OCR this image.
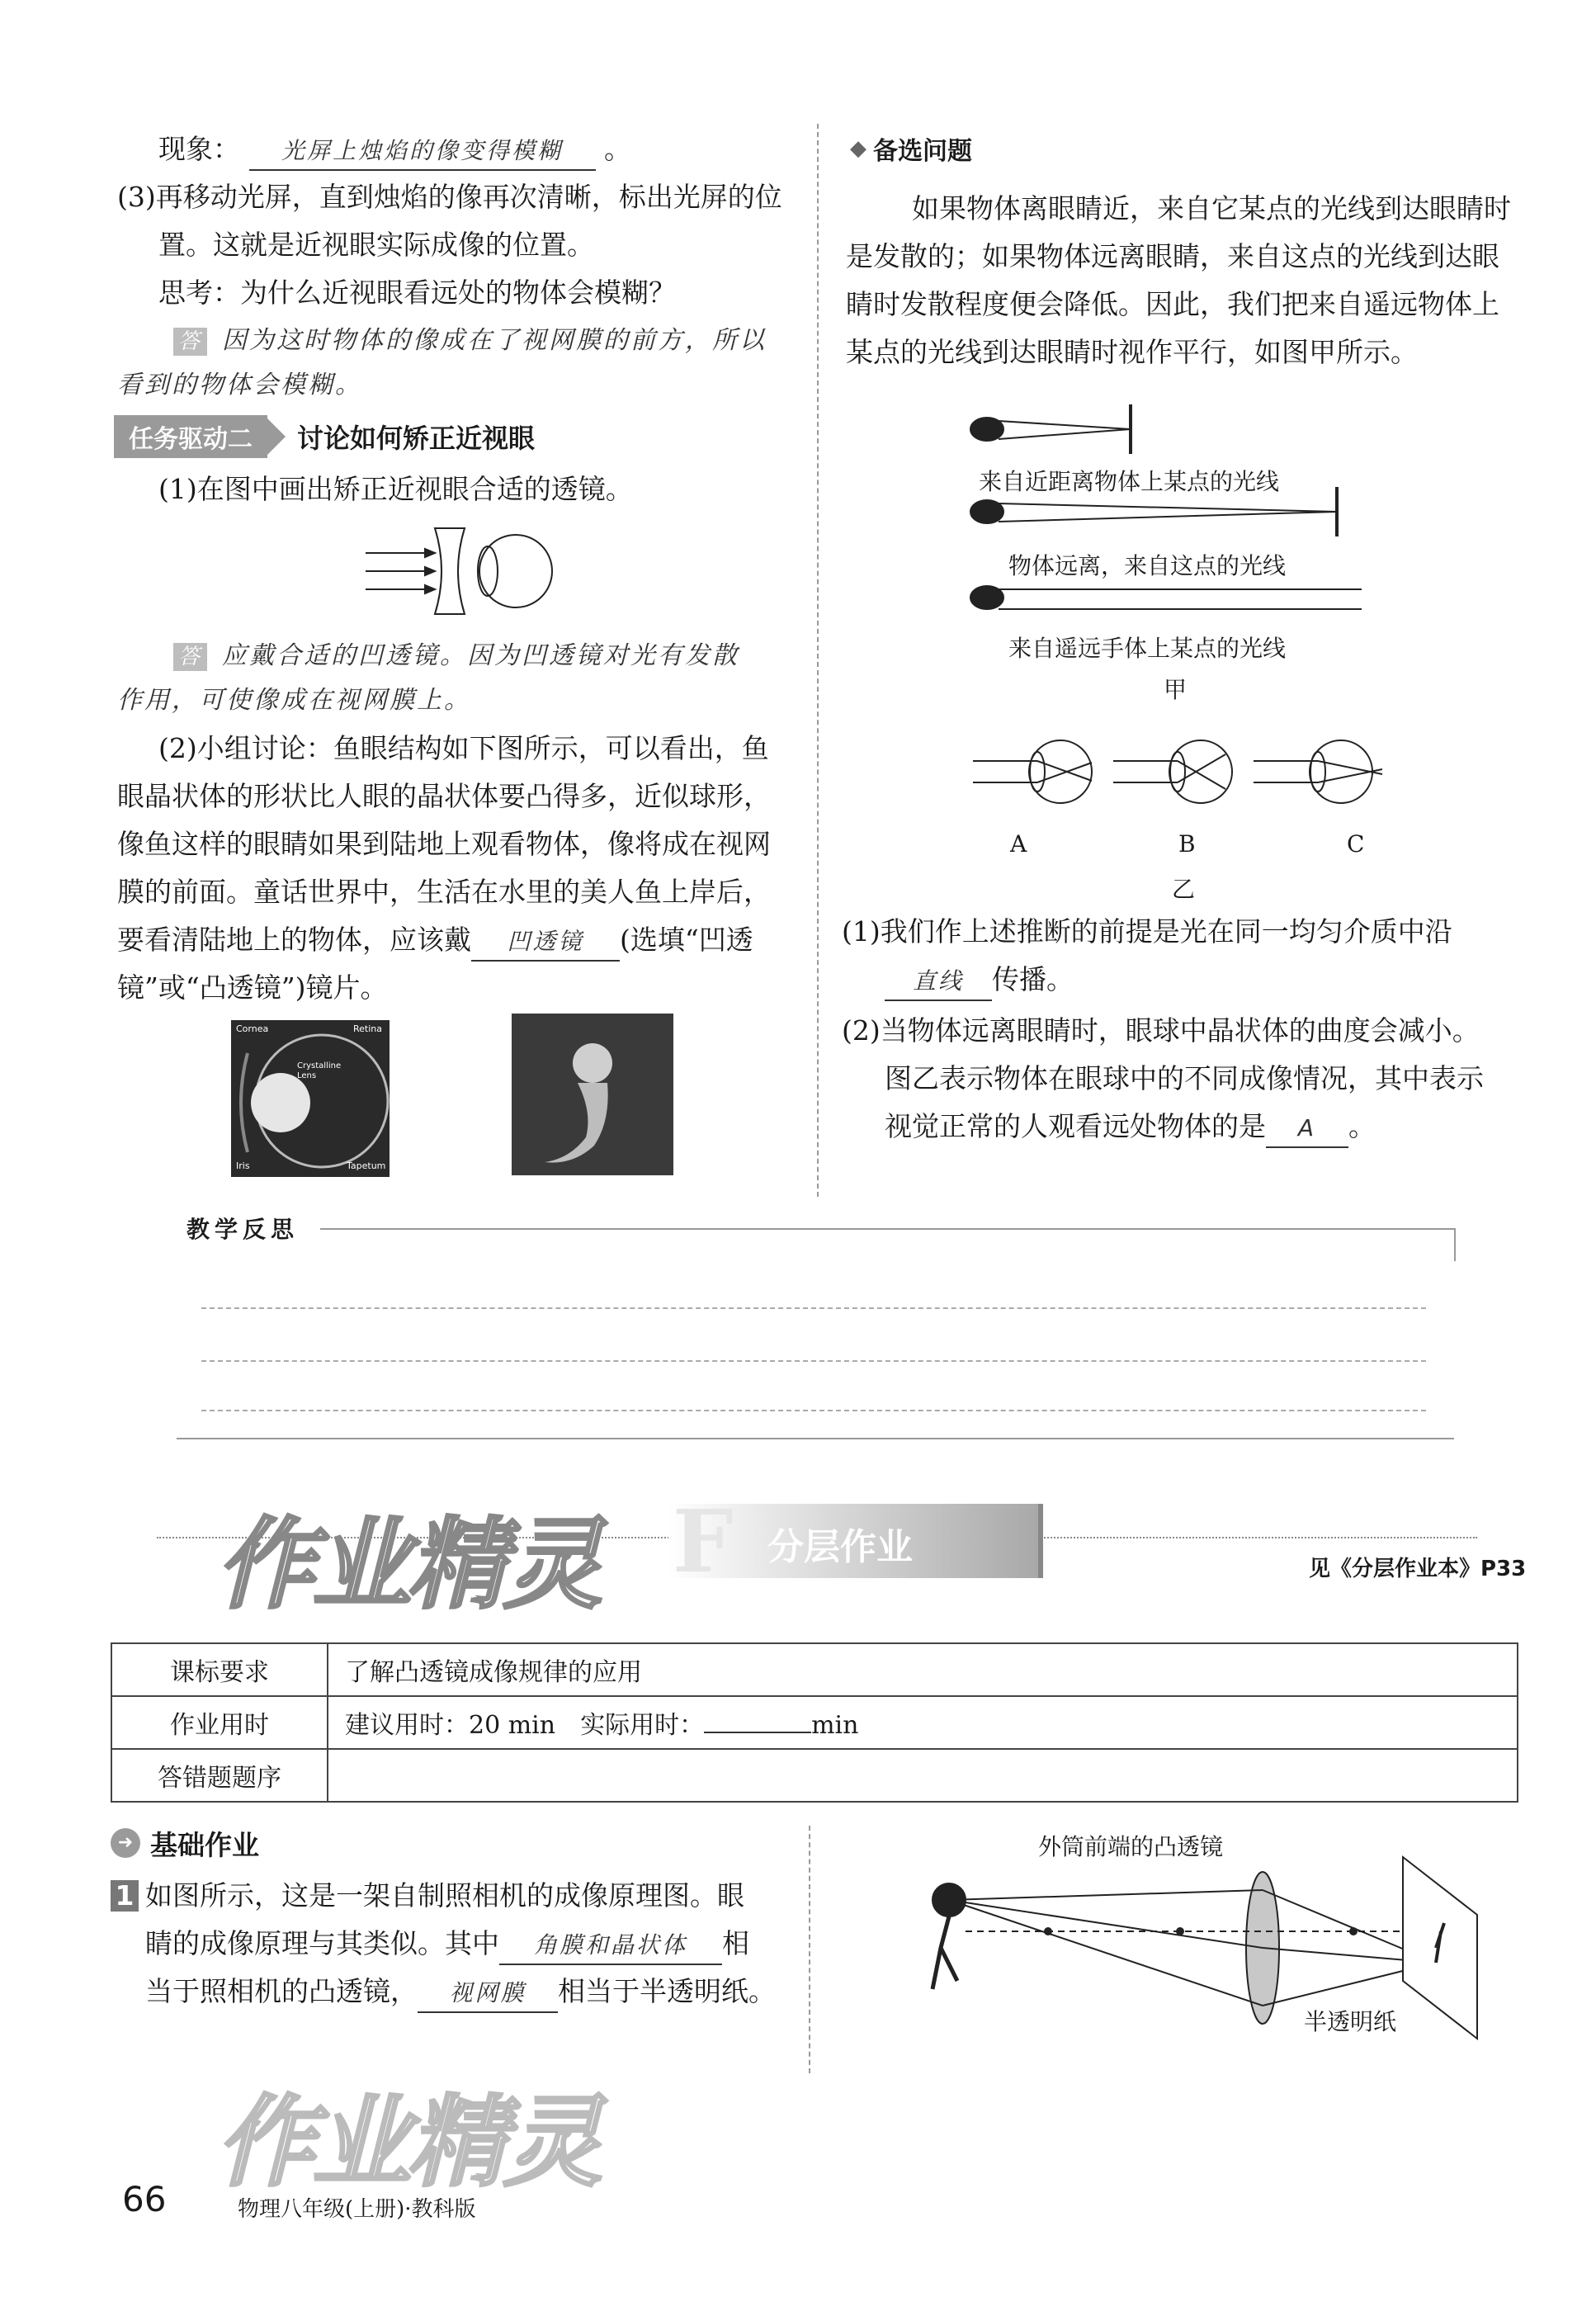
现象： 光屏上烛焰的像变得模糊 。
(3)再移动光屏，直到烛焰的像再次清晰，标出光屏的位
置。这就是近视眼实际成像的位置。
思考：为什么近视眼看远处的物体会模糊？
答 因为这时物体的像成在了视网膜的前方，所以
看到的物体会模糊。
任务驱动二	讨论如何矫正近视眼
(1)在图中画出矫正近视眼合适的透镜。
答 应戴合适的凹透镜。因为凹透镜对光有发散
作用，可使像成在视网膜上。
(2)小组讨论：鱼眼结构如下图所示，可以看出，鱼
眼晶状体的形状比人眼的晶状体要凸得多，近似球形，
像鱼这样的眼睛如果到陆地上观看物体，像将成在视网
膜的前面。童话世界中，生活在水里的美人鱼上岸后，
要看清陆地上的物体，应该戴 凹透镜 (选填“凹透
镜”或“凸透镜”)镜片。
Cornea	Retina
Crystalline Lens
Iris	Tapetum
◆ 备选问题
如果物体离眼睛近，来自它某点的光线到达眼睛时
是发散的；如果物体远离眼睛，来自这点的光线到达眼
睛时发散程度便会降低。因此，我们把来自遥远物体上
某点的光线到达眼睛时视作平行，如图甲所示。
来自近距离物体上某点的光线
物体远离，来自这点的光线
来自遥远手体上某点的光线
甲
A	B	C
乙
(1)我们作上述推断的前提是光在同一均匀介质中沿
直线 传播。
(2)当物体远离眼睛时，眼球中晶状体的曲度会减小。
图乙表示物体在眼球中的不同成像情况，其中表示
视觉正常的人观看远处物体的是 A 。
教学反思
作业精灵 F 分层作业
见《分层作业本》P33
课标要求	了解凸透镜成像规律的应用
作业用时	建议用时：20 min　实际用时： min
答错题题序	
➜ 基础作业
1 如图所示，这是一架自制照相机的成像原理图。眼
睛的成像原理与其类似。其中 角膜和晶状体 相
当于照相机的凸透镜， 视网膜 相当于半透明纸。
外筒前端的凸透镜
半透明纸
作业精灵
66	物理八年级(上册)·教科版
